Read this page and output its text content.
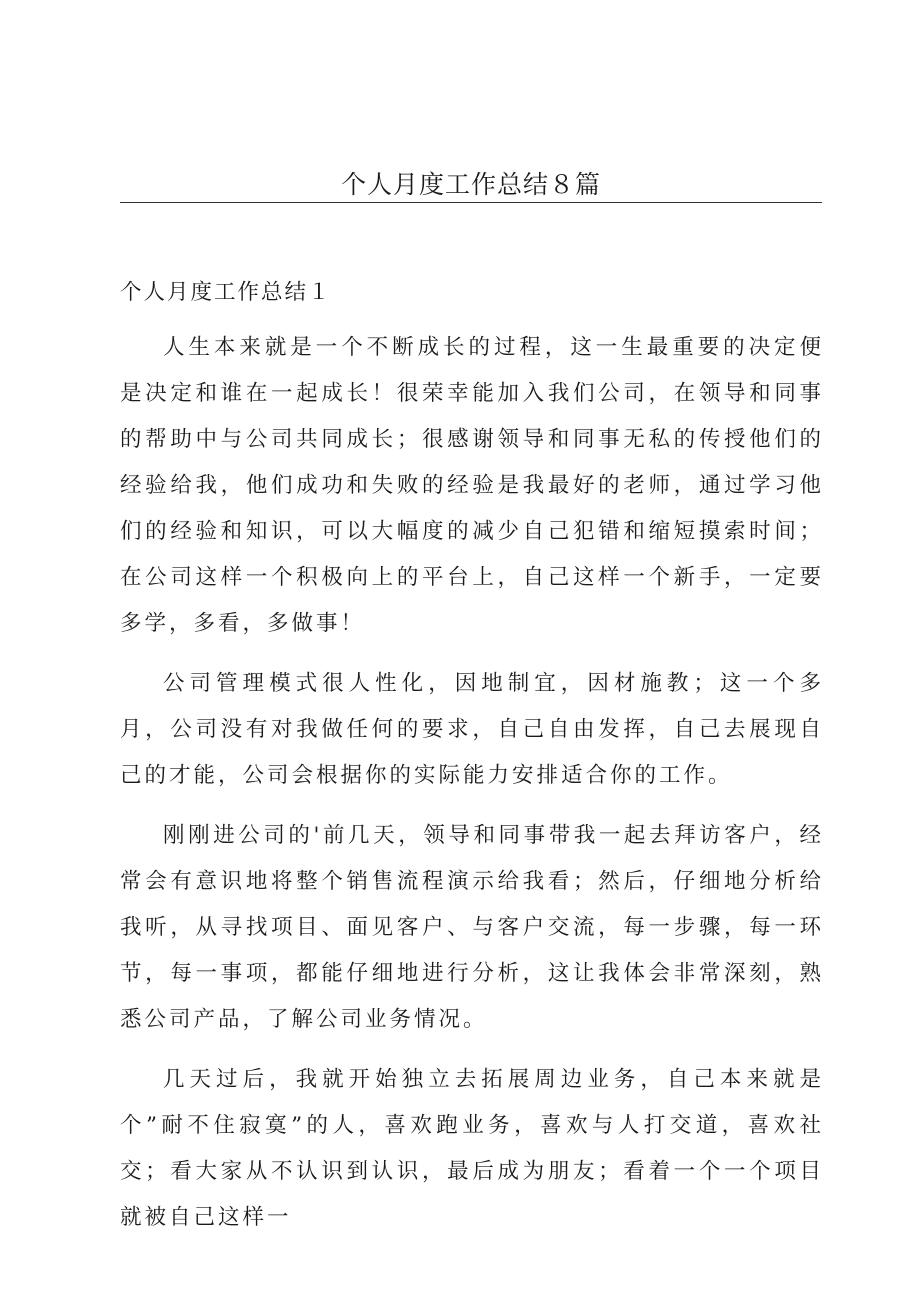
个人月度工作总结８篇
个人月度工作总结１

人生本来就是一个不断成长的过程，这一生最重要的决定便是决定和谁在一起成长！很荣幸能加入我们公司，在领导和同事的帮助中与公司共同成长；很感谢领导和同事无私的传授他们的经验给我，他们成功和失败的经验是我最好的老师，通过学习他们的经验和知识，可以大幅度的减少自己犯错和缩短摸索时间；在公司这样一个积极向上的平台上，自己这样一个新手，一定要多学，多看，多做事！

公司管理模式很人性化，因地制宜，因材施教；这一个多月，公司没有对我做任何的要求，自己自由发挥，自己去展现自己的才能，公司会根据你的实际能力安排适合你的工作。

刚刚进公司的'前几天，领导和同事带我一起去拜访客户，经常会有意识地将整个销售流程演示给我看；然后，仔细地分析给我听，从寻找项目、面见客户、与客户交流，每一步骤，每一环节，每一事项，都能仔细地进行分析，这让我体会非常深刻，熟悉公司产品，了解公司业务情况。

几天过后，我就开始独立去拓展周边业务，自己本来就是个”耐不住寂寞”的人，喜欢跑业务，喜欢与人打交道，喜欢社交；看大家从不认识到认识，最后成为朋友；看着一个一个项目就被自己这样一
